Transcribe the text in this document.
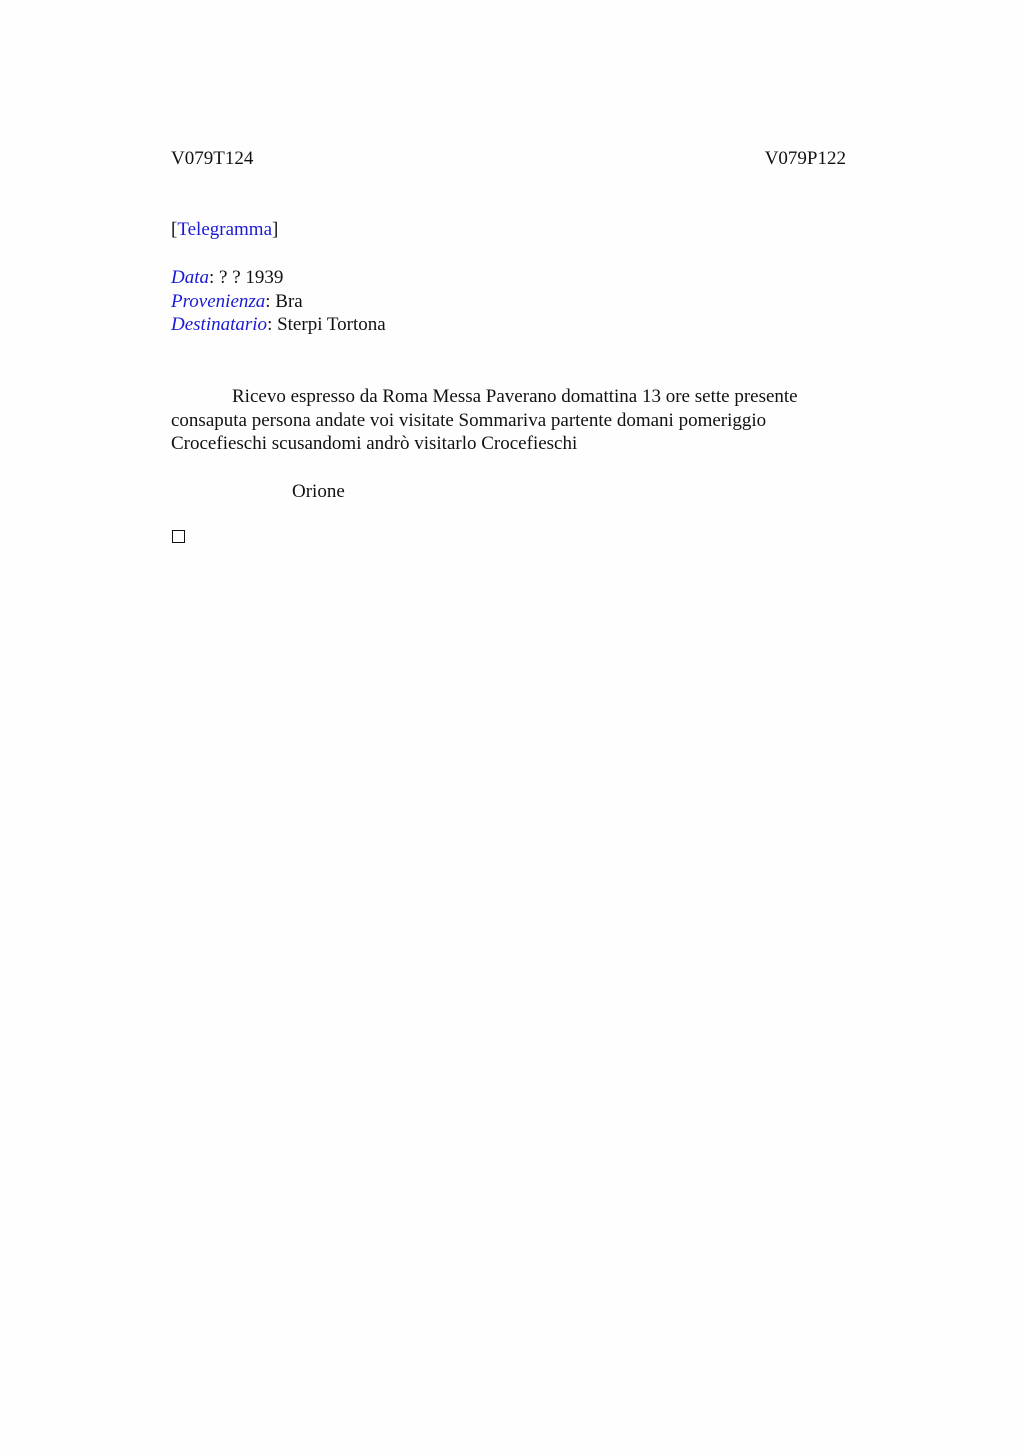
V079T124	V079P122
[Telegramma]
Data: ? ? 1939
Provenienza: Bra
Destinatario: Sterpi Tortona

Ricevo espresso da Roma Messa Paverano domattina 13 ore sette presente consaputa persona andate voi visitate Sommariva partente domani pomeriggio Crocefieschi scusandomi andrò visitarlo Crocefieschi

Orione
